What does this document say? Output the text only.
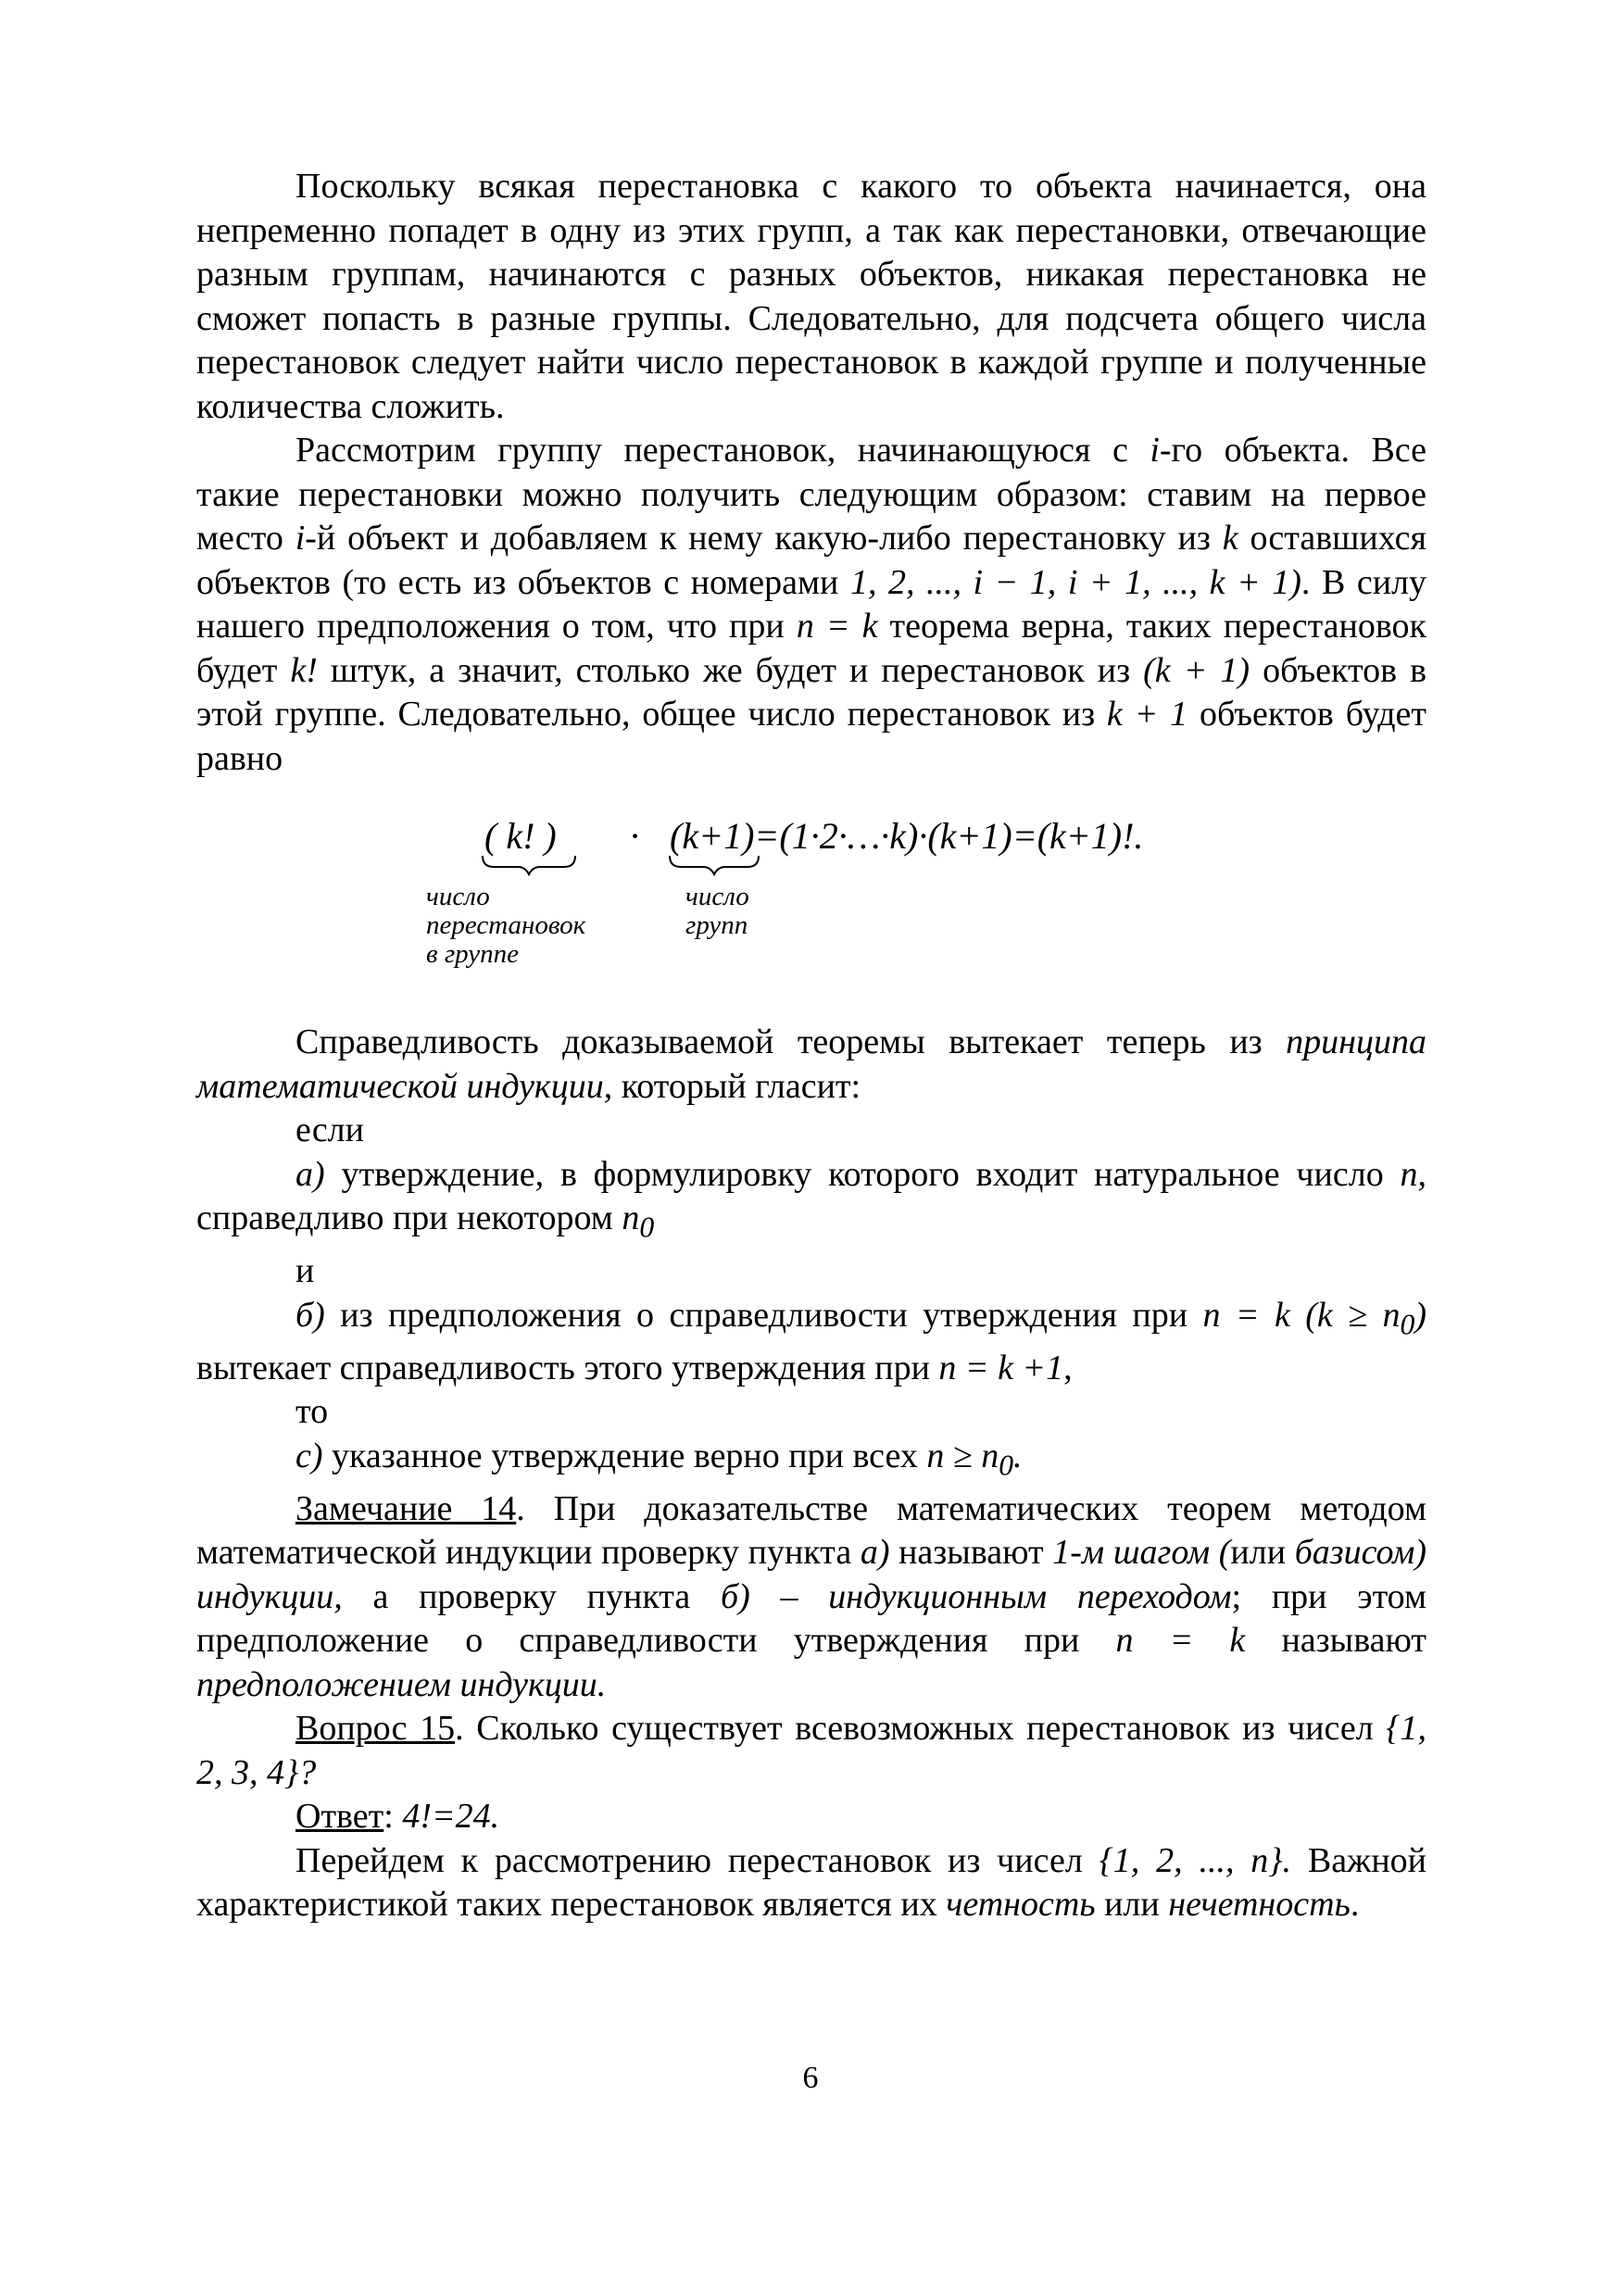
Поскольку всякая перестановка с какого то объекта начинается, она непременно попадет в одну из этих групп, а так как перестановки, отвечающие разным группам, начинаются с разных объектов, никакая перестановка не сможет попасть в разные группы. Следовательно, для подсчета общего числа перестановок следует найти число перестановок в каждой группе и полученные количества сложить.

Рассмотрим группу перестановок, начинающуюся с i-го объекта. Все такие перестановки можно получить следующим образом: ставим на первое место i-й объект и добавляем к нему какую-либо перестановку из k оставшихся объектов (то есть из объектов с номерами 1, 2, ..., i − 1, i + 1, ..., k + 1). В силу нашего предположения о том, что при n = k теорема верна, таких перестановок будет k! штук, а значит, столько же будет и перестановок из (k + 1) объектов в этой группе. Следовательно, общее число перестановок из k + 1 объектов будет равно

( k! ) · (k+1)=(1·2·…·k)·(k+1)=(k+1)!.
число
перестановок
в группе
число
групп

Справедливость доказываемой теоремы вытекает теперь из принципа математической индукции, который гласит:

если

а) утверждение, в формулировку которого входит натуральное число n, справедливо при некотором $n_0$

и

б) из предположения о справедливости утверждения при n = k $(k \ge n_0)$ вытекает справедливость этого утверждения при n = k +1,

то

с) указанное утверждение верно при всех $n \ge n_0$.

Замечание 14. При доказательстве математических теорем методом математической индукции проверку пункта а) называют 1-м шагом (или базисом) индукции, а проверку пункта б) – индукционным переходом; при этом предположение о справедливости утверждения при n = k называют предположением индукции.

Вопрос 15. Сколько существует всевозможных перестановок из чисел {1, 2, 3, 4}?

Ответ: 4!=24.

Перейдем к рассмотрению перестановок из чисел {1, 2, ..., n}. Важной характеристикой таких перестановок является их четность или нечетность.

6
